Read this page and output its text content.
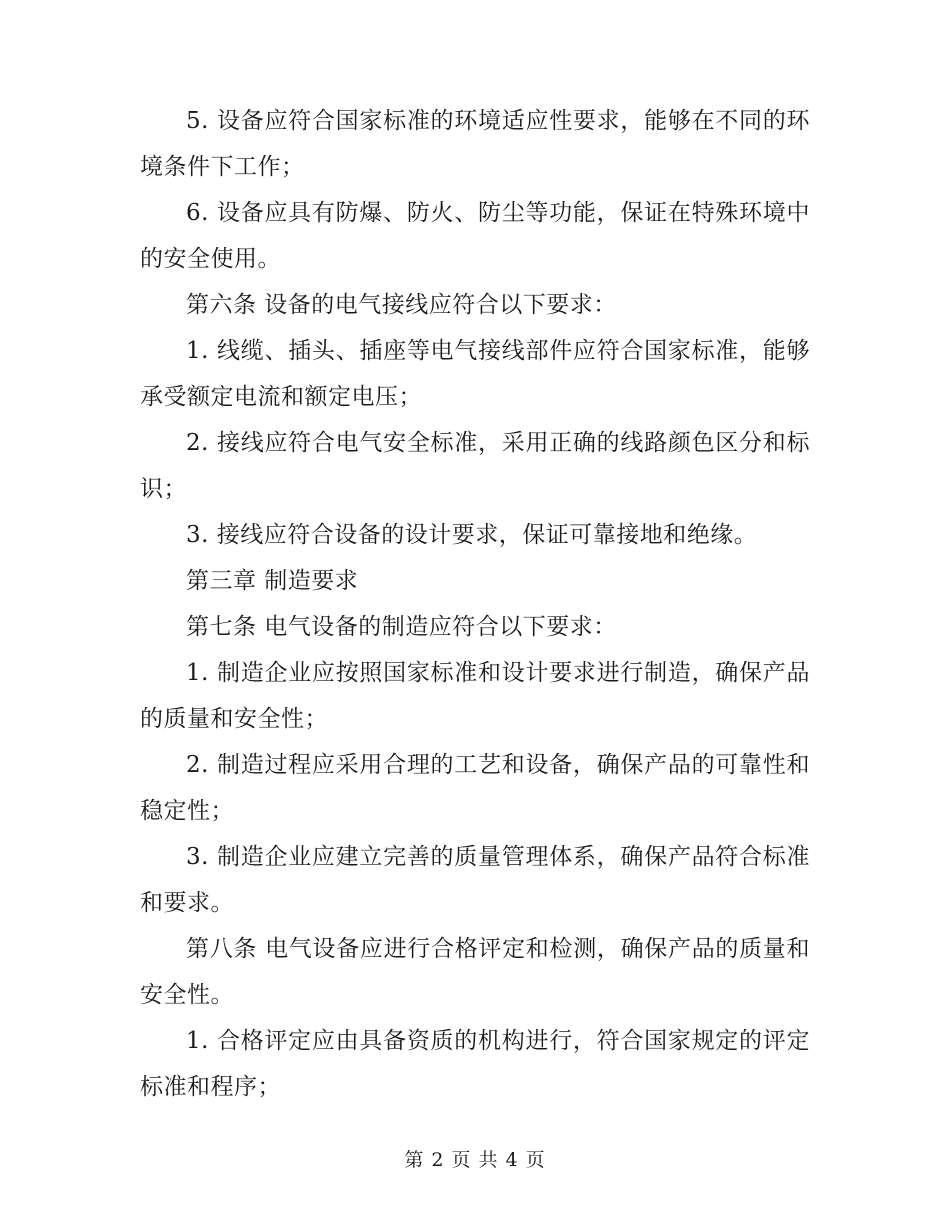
5. 设备应符合国家标准的环境适应性要求，能够在不同的环境条件下工作；

6. 设备应具有防爆、防火、防尘等功能，保证在特殊环境中的安全使用。

第六条 设备的电气接线应符合以下要求：

1. 线缆、插头、插座等电气接线部件应符合国家标准，能够承受额定电流和额定电压；

2. 接线应符合电气安全标准，采用正确的线路颜色区分和标识；

3. 接线应符合设备的设计要求，保证可靠接地和绝缘。

第三章 制造要求

第七条 电气设备的制造应符合以下要求：

1. 制造企业应按照国家标准和设计要求进行制造，确保产品的质量和安全性；

2. 制造过程应采用合理的工艺和设备，确保产品的可靠性和稳定性；

3. 制造企业应建立完善的质量管理体系，确保产品符合标准和要求。

第八条 电气设备应进行合格评定和检测，确保产品的质量和安全性。

1. 合格评定应由具备资质的机构进行，符合国家规定的评定标准和程序；

第 2 页 共 4 页
